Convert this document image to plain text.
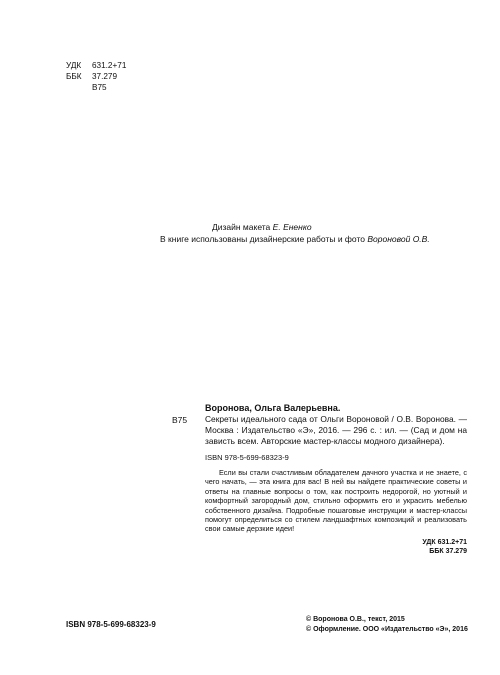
УДК	631.2+71
ББК	37.279
В75
Дизайн макета Е. Ененко
В книге использованы дизайнерские работы и фото Вороновой О.В.
Воронова, Ольга Валерьевна.
В75 Секреты идеального сада от Ольги Вороновой / О.В. Воронова. — Москва : Издательство «Э», 2016. — 296 с. : ил. — (Сад и дом на зависть всем. Авторские мастер-классы модного дизайнера).
ISBN 978-5-699-68323-9
Если вы стали счастливым обладателем дачного участка и не знаете, с чего начать, — эта книга для вас! В ней вы найдете практические советы и ответы на главные вопросы о том, как построить недорогой, но уютный и комфортный загородный дом, стильно оформить его и украсить мебелью собственного дизайна. Подробные пошаговые инструкции и мастер-классы помогут определиться со стилем ландшафтных композиций и реализовать свои самые дерзкие идеи!
УДК 631.2+71
ББК 37.279
ISBN 978-5-699-68323-9
© Воронова О.В., текст, 2015
© Оформление. ООО «Издательство «Э», 2016
